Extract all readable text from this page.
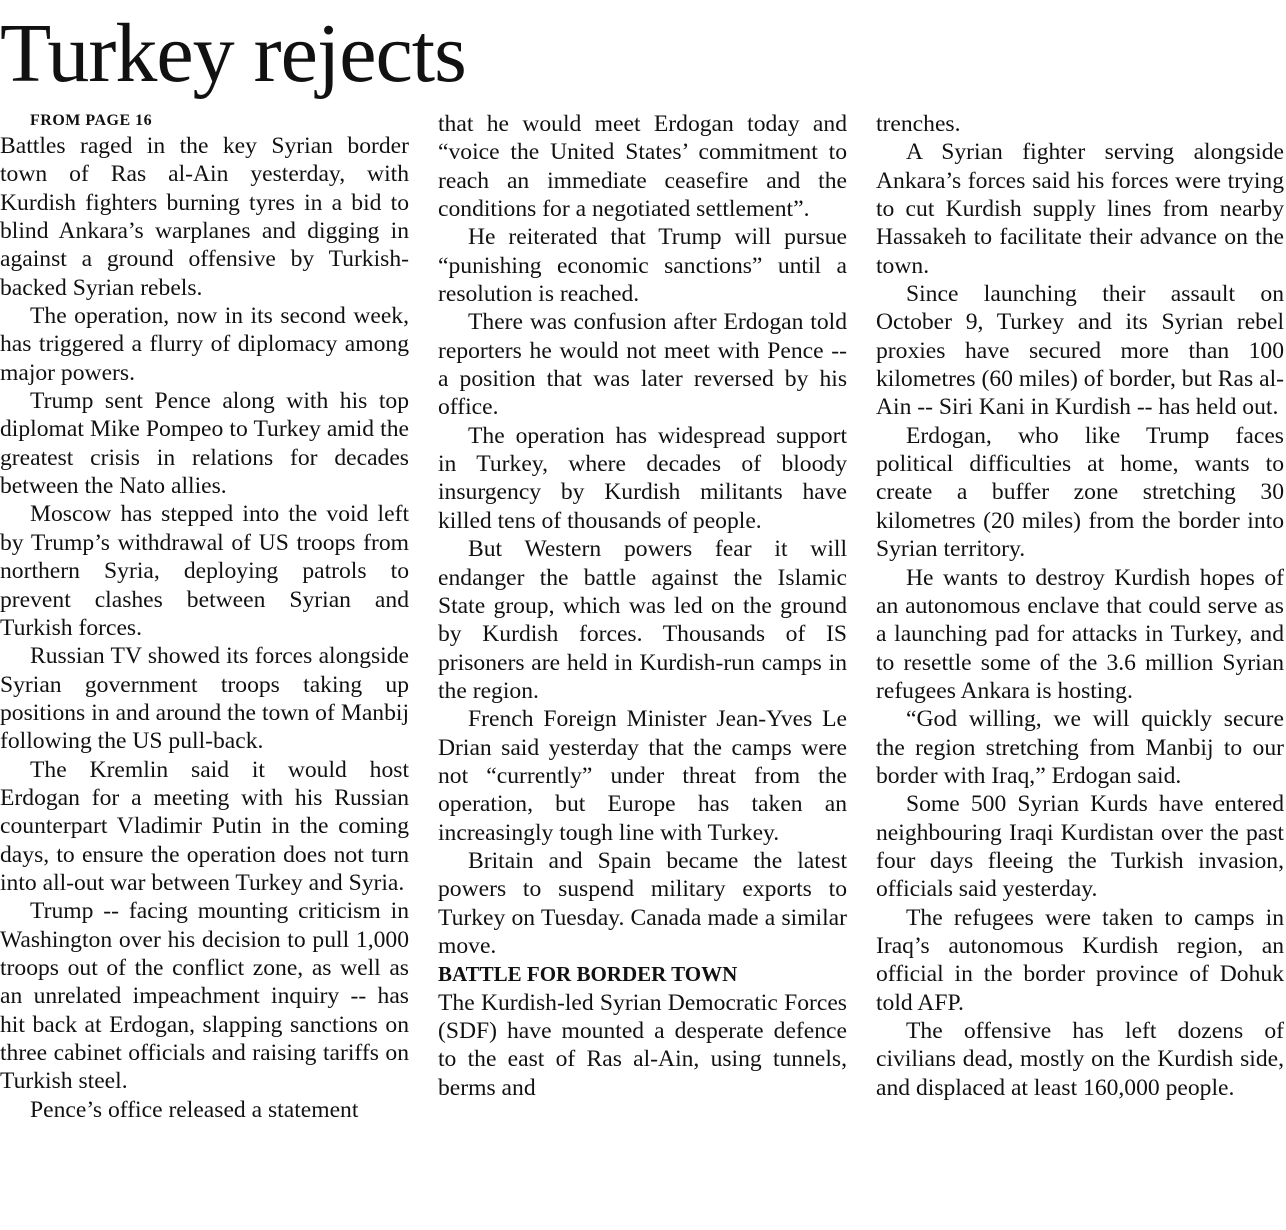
Turkey rejects

FROM PAGE 16

Battles raged in the key Syrian border town of Ras al-Ain yesterday, with Kurdish fighters burning tyres in a bid to blind Ankara’s warplanes and digging in against a ground offensive by Turkish-backed Syrian rebels.

The operation, now in its second week, has triggered a flurry of diplomacy among major powers.

Trump sent Pence along with his top diplomat Mike Pompeo to Turkey amid the greatest crisis in relations for decades between the Nato allies.

Moscow has stepped into the void left by Trump’s withdrawal of US troops from northern Syria, deploying patrols to prevent clashes between Syrian and Turkish forces.

Russian TV showed its forces alongside Syrian government troops taking up positions in and around the town of Manbij following the US pull-back.

The Kremlin said it would host Erdogan for a meeting with his Russian counterpart Vladimir Putin in the coming days, to ensure the operation does not turn into all-out war between Turkey and Syria.

Trump -- facing mounting criticism in Washington over his decision to pull 1,000 troops out of the conflict zone, as well as an unrelated impeachment inquiry -- has hit back at Erdogan, slapping sanctions on three cabinet officials and raising tariffs on Turkish steel.

Pence’s office released a statement

that he would meet Erdogan today and “voice the United States’ commitment to reach an immediate ceasefire and the conditions for a negotiated settlement”.

He reiterated that Trump will pursue “punishing economic sanctions” until a resolution is reached.

There was confusion after Erdogan told reporters he would not meet with Pence -- a position that was later reversed by his office.

The operation has widespread support in Turkey, where decades of bloody insurgency by Kurdish militants have killed tens of thousands of people.

But Western powers fear it will endanger the battle against the Islamic State group, which was led on the ground by Kurdish forces. Thousands of IS prisoners are held in Kurdish-run camps in the region.

French Foreign Minister Jean-Yves Le Drian said yesterday that the camps were not “currently” under threat from the operation, but Europe has taken an increasingly tough line with Turkey.

Britain and Spain became the latest powers to suspend military exports to Turkey on Tuesday. Canada made a similar move.

BATTLE FOR BORDER TOWN

The Kurdish-led Syrian Democratic Forces (SDF) have mounted a desperate defence to the east of Ras al-Ain, using tunnels, berms and

trenches.

A Syrian fighter serving alongside Ankara’s forces said his forces were trying to cut Kurdish supply lines from nearby Hassakeh to facilitate their advance on the town.

Since launching their assault on October 9, Turkey and its Syrian rebel proxies have secured more than 100 kilometres (60 miles) of border, but Ras al-Ain -- Siri Kani in Kurdish -- has held out.

Erdogan, who like Trump faces political difficulties at home, wants to create a buffer zone stretching 30 kilometres (20 miles) from the border into Syrian territory.

He wants to destroy Kurdish hopes of an autonomous enclave that could serve as a launching pad for attacks in Turkey, and to resettle some of the 3.6 million Syrian refugees Ankara is hosting.

“God willing, we will quickly secure the region stretching from Manbij to our border with Iraq,” Erdogan said.

Some 500 Syrian Kurds have entered neighbouring Iraqi Kurdistan over the past four days fleeing the Turkish invasion, officials said yesterday.

The refugees were taken to camps in Iraq’s autonomous Kurdish region, an official in the border province of Dohuk told AFP.

The offensive has left dozens of civilians dead, mostly on the Kurdish side, and displaced at least 160,000 people.
